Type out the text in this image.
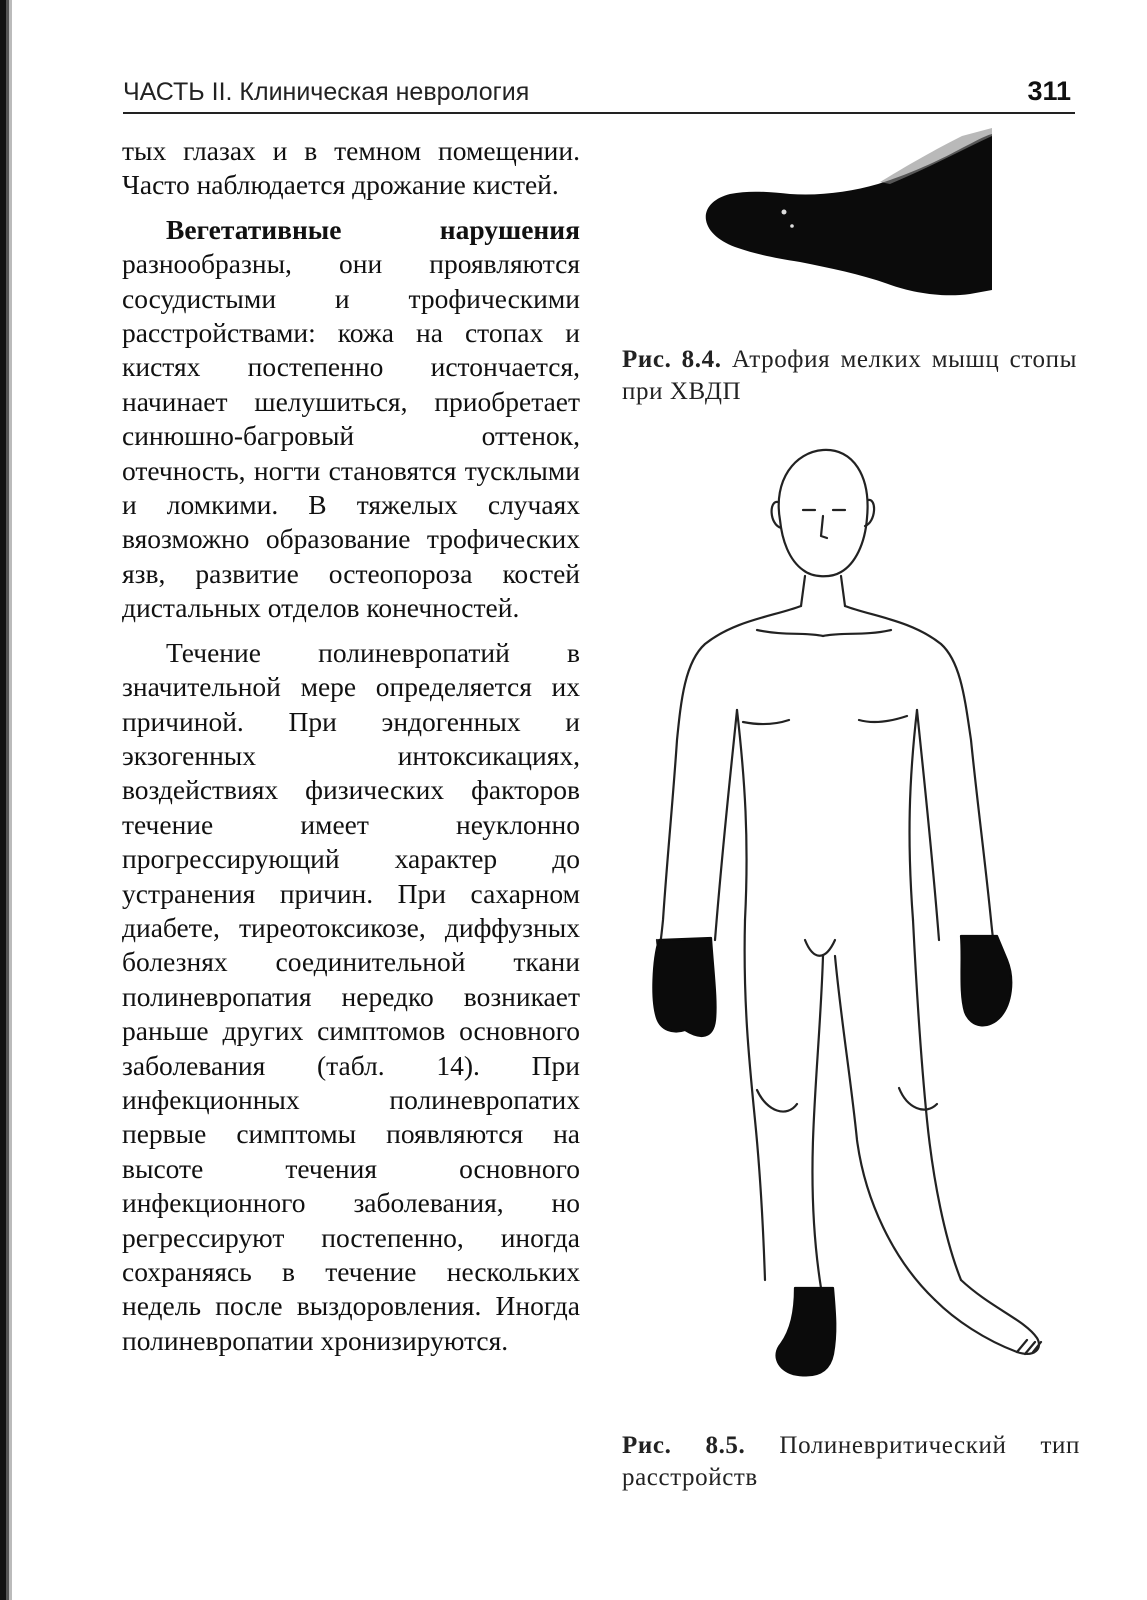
ЧАСТЬ II. Клиническая неврология	311

тых глазах и в темном помещении. Часто наблюдается дрожание кистей.

Вегетативные нарушения разнообразны, они проявляются сосудистыми и трофическими расстройствами: кожа на стопах и кистях постепенно истончается, начинает шелушиться, приобретает синюшно-багровый оттенок, отечность, ногти становятся тусклыми и ломкими. В тяжелых случаях вяозможно образование трофических язв, развитие остеопороза костей дистальных отделов конечностей.

Течение полиневропатий в значительной мере определяется их причиной. При эндогенных и экзогенных интоксикациях, воздействиях физических факторов течение имеет неуклонно прогрессирующий характер до устранения причин. При сахарном диабете, тиреотоксикозе, диффузных болезнях соединительной ткани полиневропатия нередко возникает раньше других симптомов основного заболевания (табл. 14). При инфекционных полиневропатих первые симптомы появляются на высоте течения основного инфекционного заболевания, но регрессируют постепенно, иногда сохраняясь в течение нескольких недель после выздоровления. Иногда полиневропатии хронизируются.

Рис. 8.4. Атрофия мелких мышц стопы при ХВДП
Рис. 8.5. Полиневритический тип расстройств
